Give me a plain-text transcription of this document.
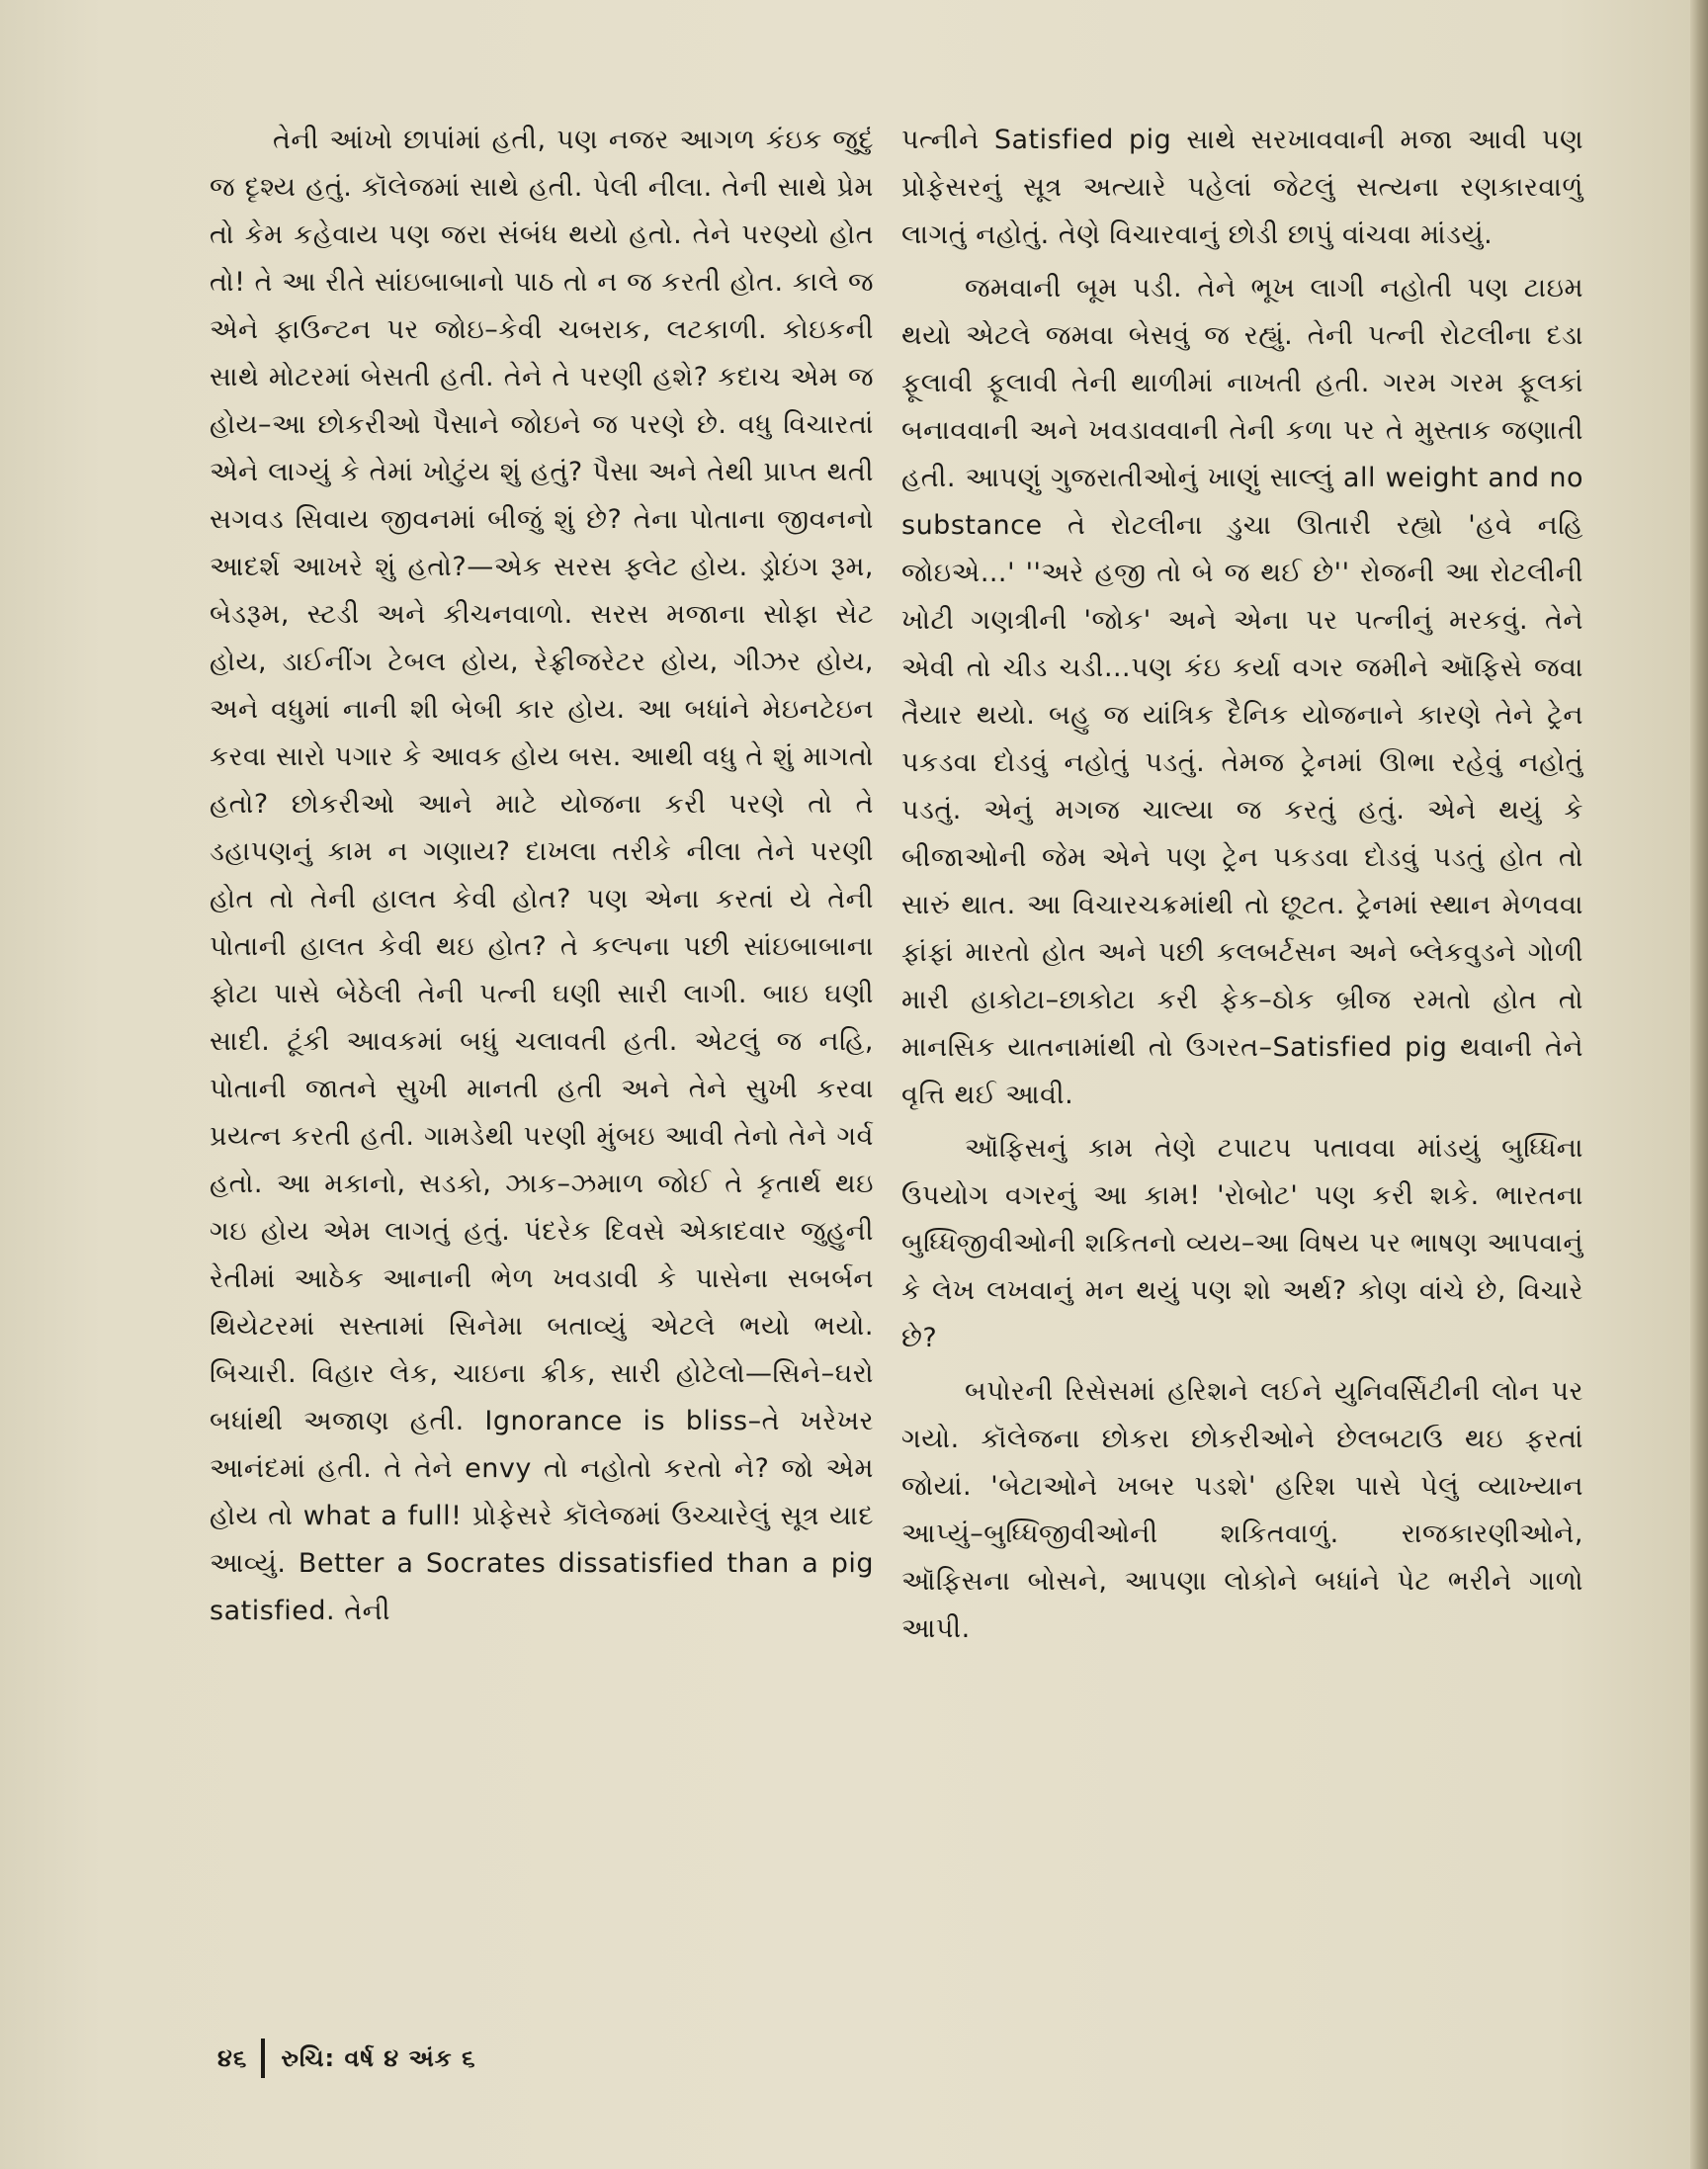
તેની આંખો છાપાંમાં હતી, પણ નજર આગળ કંઇક જુદું જ દૃશ્ય હતું. કૉલેજમાં સાથે હતી. પેલી નીલા. તેની સાથે પ્રેમ તો કેમ કહેવાય પણ જરા સંબંધ થયો હતો. તેને પરણ્યો હોત તો! તે આ રીતે સાંઇબાબાનો પાઠ તો ન જ કરતી હોત. કાલે જ એને ફાઉન્ટન પર જોઇ–કેવી ચબરાક, લટકાળી. કોઇકની સાથે મોટરમાં બેસતી હતી. તેને તે પરણી હશે? કદાચ એમ જ હોય–આ છોકરીઓ પૈસાને જોઇને જ પરણે છે. વધુ વિચારતાં એને લાગ્યું કે તેમાં ખોટુંય શું હતું? પૈસા અને તેથી પ્રાપ્ત થતી સગવડ સિવાય જીવનમાં બીજું શું છે? તેના પોતાના જીવનનો આદર્શ આખરે શું હતો?—એક સરસ ફ્લેટ હોય. ડ્રોઇંગ રૂમ, બેડરૂમ, સ્ટડી અને કીચનવાળો. સરસ મજાના સોફા સેટ હોય, ડાઈનીંગ ટેબલ હોય, રેફ્રીજરેટર હોય, ગીઝર હોય, અને વધુમાં નાની શી બેબી કાર હોય. આ બધાંને મેઇનટેઇન કરવા સારો પગાર કે આવક હોય બસ. આથી વધુ તે શું માગતો હતો? છોકરીઓ આને માટે યોજના કરી પરણે તો તે ડહાપણનું કામ ન ગણાય? દાખલા તરીકે નીલા તેને પરણી હોત તો તેની હાલત કેવી હોત? પણ એના કરતાં યે તેની પોતાની હાલત કેવી થઇ હોત? તે કલ્પના પછી સાંઇબાબાના ફોટા પાસે બેઠેલી તેની પત્ની ઘણી સારી લાગી. બાઇ ઘણી સાદી. ટૂંકી આવકમાં બધું ચલાવતી હતી. એટલું જ નહિ, પોતાની જાતને સુખી માનતી હતી અને તેને સુખી કરવા પ્રયત્ન કરતી હતી. ગામડેથી પરણી મુંબઇ આવી તેનો તેને ગર્વ હતો. આ મકાનો, સડકો, ઝાક–ઝમાળ જોઈ તે કૃતાર્થ થઇ ગઇ હોય એમ લાગતું હતું. પંદરેક દિવસે એકાદવાર જુહુની રેતીમાં આઠેક આનાની ભેળ ખવડાવી કે પાસેના સબર્બન થિયેટરમાં સસ્તામાં સિનેમા બતાવ્યું એટલે ભયો ભયો. બિચારી. વિહાર લેક, ચાઇના ક્રીક, સારી હોટેલો—સિને–ઘરો બધાંથી અજાણ હતી. Ignorance is bliss–તે ખરેખર આનંદમાં હતી. તે તેને envy તો નહોતો કરતો ને? જો એમ હોય તો what a full! પ્રોફેસરે કૉલેજમાં ઉચ્ચારેલું સૂત્ર યાદ આવ્યું. Better a Socrates dissatisfied than a pig satisfied. તેની

પત્નીને Satisfied pig સાથે સરખાવવાની મજા આવી પણ પ્રોફેસરનું સૂત્ર અત્યારે પહેલાં જેટલું સત્યના રણકારવાળું લાગતું નહોતું. તેણે વિચારવાનું છોડી છાપું વાંચવા માંડયું.

જમવાની બૂમ પડી. તેને ભૂખ લાગી નહોતી પણ ટાઇમ થયો એટલે જમવા બેસવું જ રહ્યું. તેની પત્ની રોટલીના દડા ફૂલાવી ફૂલાવી તેની થાળીમાં નાખતી હતી. ગરમ ગરમ ફૂલકાં બનાવવાની અને ખવડાવવાની તેની કળા પર તે મુસ્તાક જણાતી હતી. આપણું ગુજરાતીઓનું ખાણું સાલ્લું all weight and no substance તે રોટલીના ડુચા ઊતારી રહ્યો 'હવે નહિ જોઇએ…' ''અરે હજી તો બે જ થઈ છે'' રોજની આ રોટલીની ખોટી ગણત્રીની 'જોક' અને એના પર પત્નીનું મરકવું. તેને એવી તો ચીડ ચડી…પણ કંઇ કર્યા વગર જમીને ઑફિસે જવા તૈયાર થયો. બહુ જ યાંત્રિક દૈનિક યોજનાને કારણે તેને ટ્રેન પકડવા દોડવું નહોતું પડતું. તેમજ ટ્રેનમાં ઊભા રહેવું નહોતું પડતું. એનું મગજ ચાલ્યા જ કરતું હતું. એને થયું કે બીજાઓની જેમ એને પણ ટ્રેન પકડવા દોડવું પડતું હોત તો સારું થાત. આ વિચારચક્રમાંથી તો છૂટત. ટ્રેનમાં સ્થાન મેળવવા ફાંફાં મારતો હોત અને પછી કલબર્ટસન અને બ્લેકવુડને ગોળી મારી હાકોટા–છાકોટા કરી ફેક–ઠોક બ્રીજ રમતો હોત તો માનસિક યાતનામાંથી તો ઉગરત–Satisfied pig થવાની તેને વૃત્તિ થઈ આવી.

ઑફિસનું કામ તેણે ટપાટપ પતાવવા માંડયું બુધ્ધિના ઉપયોગ વગરનું આ કામ! 'રોબોટ' પણ કરી શકે. ભારતના બુધ્ધિજીવીઓની શકિતનો વ્યય–આ વિષય પર ભાષણ આપવાનું કે લેખ લખવાનું મન થયું પણ શો અર્થ? કોણ વાંચે છે, વિચારે છે?

બપોરની રિસેસમાં હરિશને લઈને યુનિવર્સિટીની લોન પર ગયો. કૉલેજના છોકરા છોકરીઓને છેલબટાઉ થઇ ફરતાં જોયાં. 'બેટાઓને ખબર પડશે' હરિશ પાસે પેલું વ્યાખ્યાન આપ્યું–બુધ્ધિજીવીઓની શકિતવાળું. રાજકારણીઓને, ઑફિસના બોસને, આપણા લોકોને બધાંને પેટ ભરીને ગાળો આપી.

૪૬ રુચિ: વર્ષ ૪ અંક ૬
